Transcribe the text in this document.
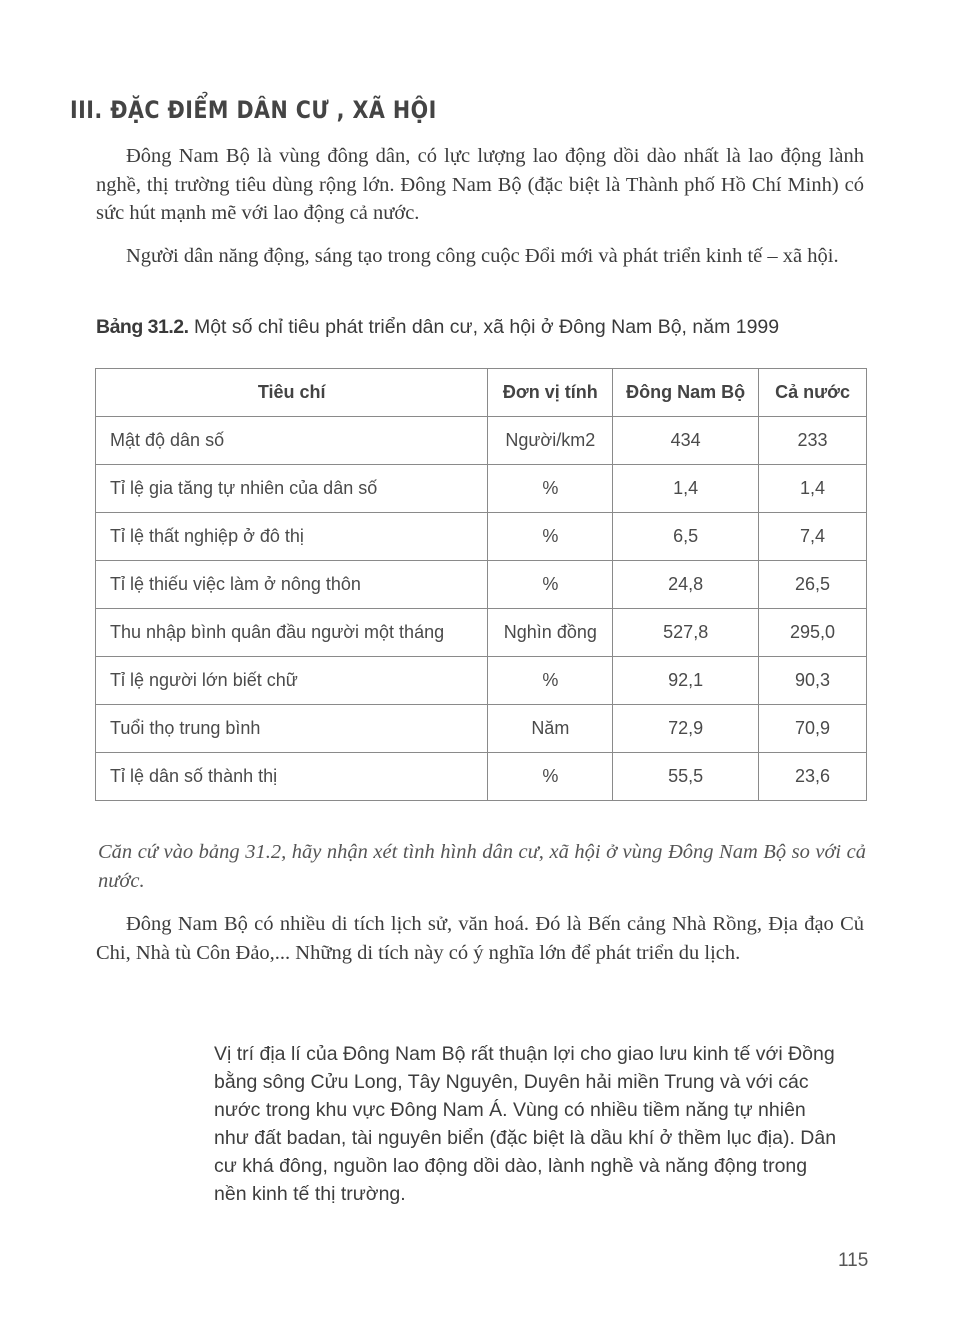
III. ĐẶC ĐIỂM DÂN CƯ , XÃ HỘI

Đông Nam Bộ là vùng đông dân, có lực lượng lao động dồi dào nhất là lao động lành nghề, thị trường tiêu dùng rộng lớn. Đông Nam Bộ (đặc biệt là Thành phố Hồ Chí Minh) có sức hút mạnh mẽ với lao động cả nước.

Người dân năng động, sáng tạo trong công cuộc Đổi mới và phát triển kinh tế – xã hội.

Bảng 31.2. Một số chỉ tiêu phát triển dân cư, xã hội ở Đông Nam Bộ, năm 1999
Tiêu chí	Đơn vị tính	Đông Nam Bộ	Cả nước
Mật độ dân số	Người/km2	434	233
Tỉ lệ gia tăng tự nhiên của dân số	%	1,4	1,4
Tỉ lệ thất nghiệp ở đô thị	%	6,5	7,4
Tỉ lệ thiếu việc làm ở nông thôn	%	24,8	26,5
Thu nhập bình quân đầu người một tháng	Nghìn đồng	527,8	295,0
Tỉ lệ người lớn biết chữ	%	92,1	90,3
Tuổi thọ trung bình	Năm	72,9	70,9
Tỉ lệ dân số thành thị	%	55,5	23,6

Căn cứ vào bảng 31.2, hãy nhận xét tình hình dân cư, xã hội ở vùng Đông Nam Bộ so với cả nước.

Đông Nam Bộ có nhiều di tích lịch sử, văn hoá. Đó là Bến cảng Nhà Rồng, Địa đạo Củ Chi, Nhà tù Côn Đảo,... Những di tích này có ý nghĩa lớn để phát triển du lịch.

Vị trí địa lí của Đông Nam Bộ rất thuận lợi cho giao lưu kinh tế với Đồng bằng sông Cửu Long, Tây Nguyên, Duyên hải miền Trung và với các nước trong khu vực Đông Nam Á. Vùng có nhiều tiềm năng tự nhiên như đất badan, tài nguyên biển (đặc biệt là dầu khí ở thềm lục địa). Dân cư khá đông, nguồn lao động dồi dào, lành nghề và năng động trong nền kinh tế thị trường.

115
